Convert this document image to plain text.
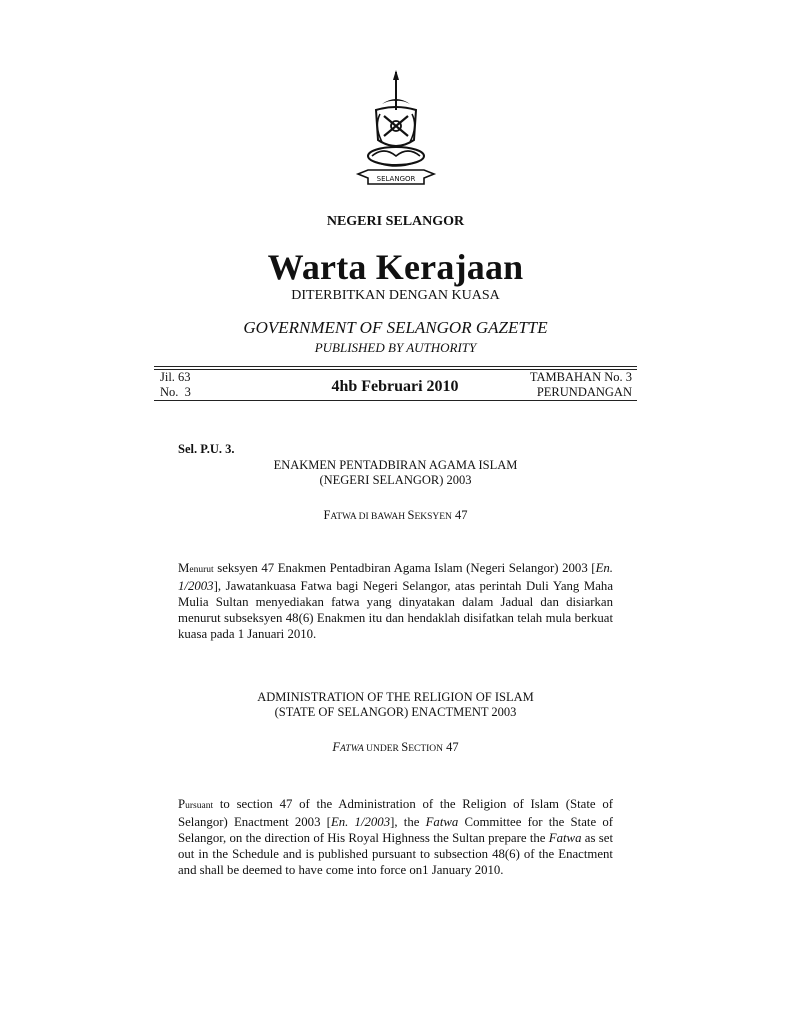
SELANGOR
NEGERI SELANGOR
Warta Kerajaan
DITERBITKAN DENGAN KUASA
GOVERNMENT OF SELANGOR GAZETTE
PUBLISHED BY AUTHORITY
Jil. 63
No.  3	4hb Februari 2010
TAMBAHAN No. 3
PERUNDANGAN
Sel. P.U. 3.
ENAKMEN PENTADBIRAN AGAMA ISLAM
(NEGERI SELANGOR) 2003
FATWA DI BAWAH SEKSYEN 47
Menurut seksyen 47 Enakmen Pentadbiran Agama Islam (Negeri Selangor) 2003 [En. 1/2003], Jawatankuasa Fatwa bagi Negeri Selangor, atas perintah Duli Yang Maha Mulia Sultan menyediakan fatwa yang dinyatakan dalam Jadual dan disiarkan menurut subseksyen 48(6) Enakmen itu dan hendaklah disifatkan telah mula berkuat kuasa pada 1 Januari 2010.
ADMINISTRATION OF THE RELIGION OF ISLAM
(STATE OF SELANGOR) ENACTMENT 2003
FATWA UNDER SECTION 47
Pursuant to section 47 of the Administration of the Religion of Islam (State of Selangor) Enactment 2003 [En. 1/2003], the Fatwa Committee for the State of Selangor, on the direction of His Royal Highness the Sultan prepare the Fatwa as set out in the Schedule and is published pursuant to subsection 48(6) of the Enactment and shall be deemed to have come into force on1 January 2010.
